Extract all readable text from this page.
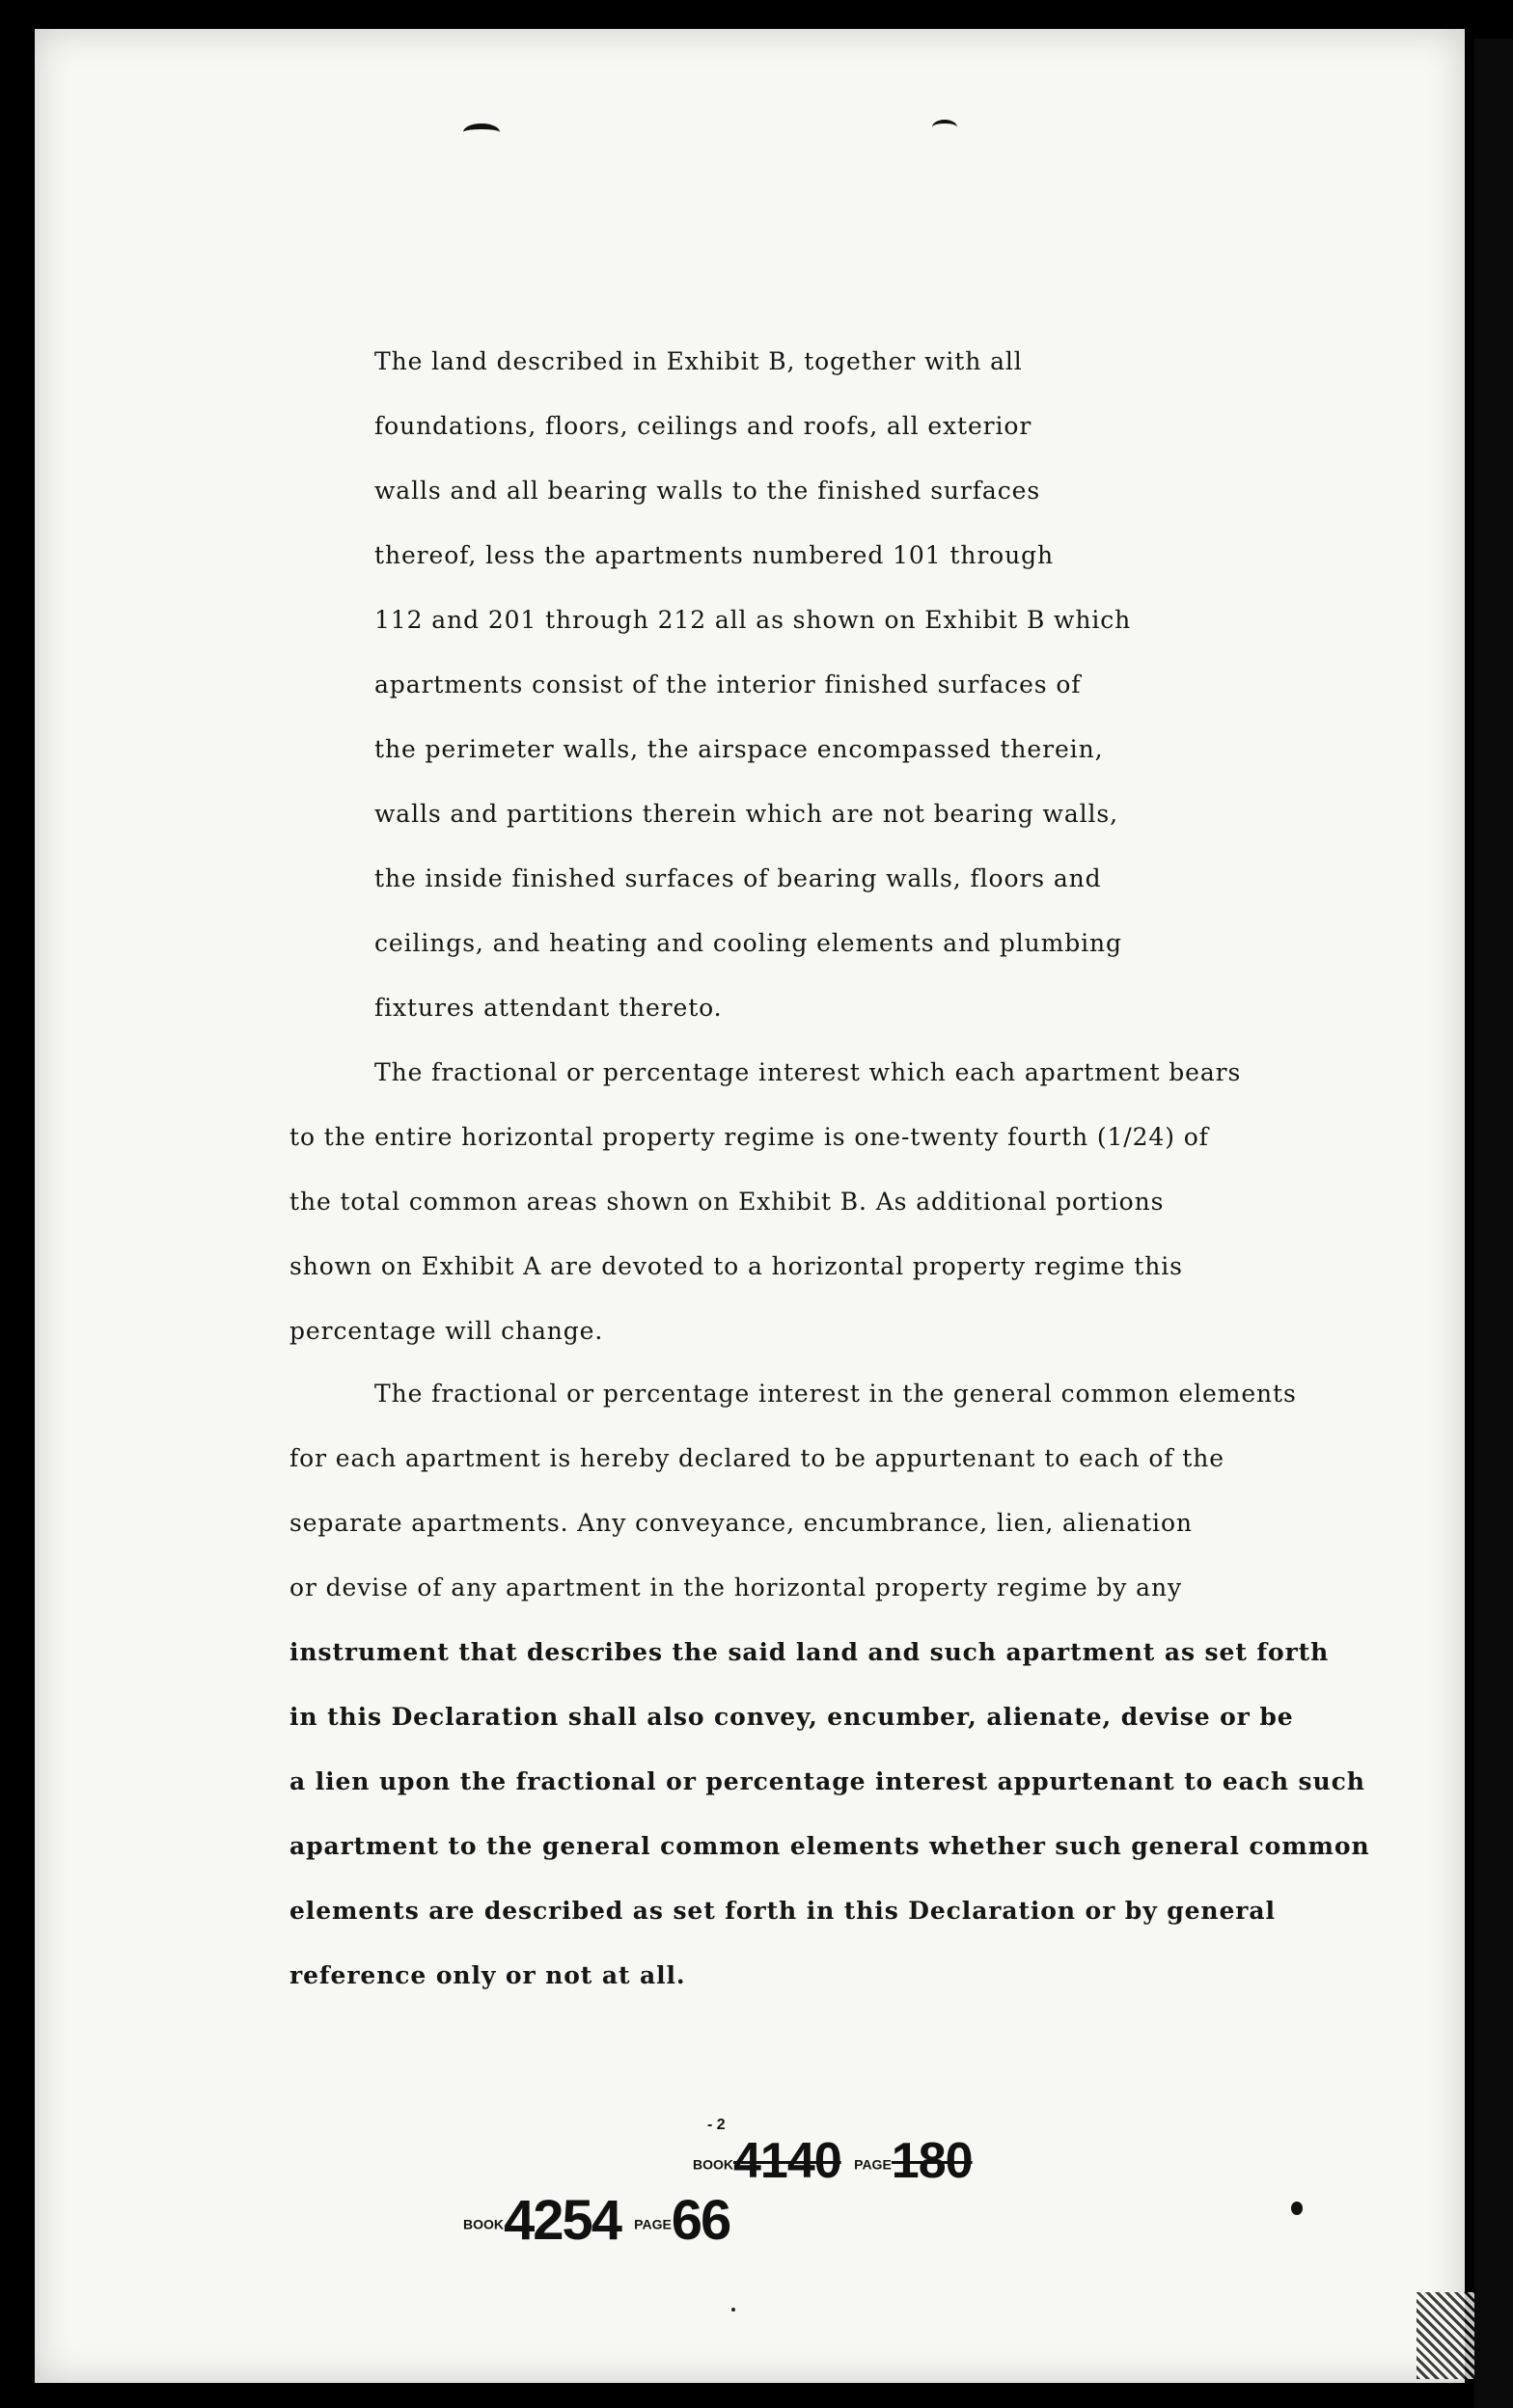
The land described in Exhibit B, together with all
foundations, floors, ceilings and roofs, all exterior
walls and all bearing walls to the finished surfaces
thereof, less the apartments numbered 101 through
112 and 201 through 212 all as shown on Exhibit B which
apartments consist of the interior finished surfaces of
the perimeter walls, the airspace encompassed therein,
walls and partitions therein which are not bearing walls,
the inside finished surfaces of bearing walls, floors and
ceilings, and heating and cooling elements and plumbing
fixtures attendant thereto.
The fractional or percentage interest which each apartment bears
to the entire horizontal property regime is one-twenty fourth (1/24) of
the total common areas shown on Exhibit B. As additional portions
shown on Exhibit A are devoted to a horizontal property regime this
percentage will change.
The fractional or percentage interest in the general common elements
for each apartment is hereby declared to be appurtenant to each of the
separate apartments. Any conveyance, encumbrance, lien, alienation
or devise of any apartment in the horizontal property regime by any
instrument that describes the said land and such apartment as set forth
in this Declaration shall also convey, encumber, alienate, devise or be
a lien upon the fractional or percentage interest appurtenant to each such
apartment to the general common elements whether such general common
elements are described as set forth in this Declaration or by general
reference only or not at all.
- 2
BOOK4140 PAGE180
BOOK4254 PAGE66
